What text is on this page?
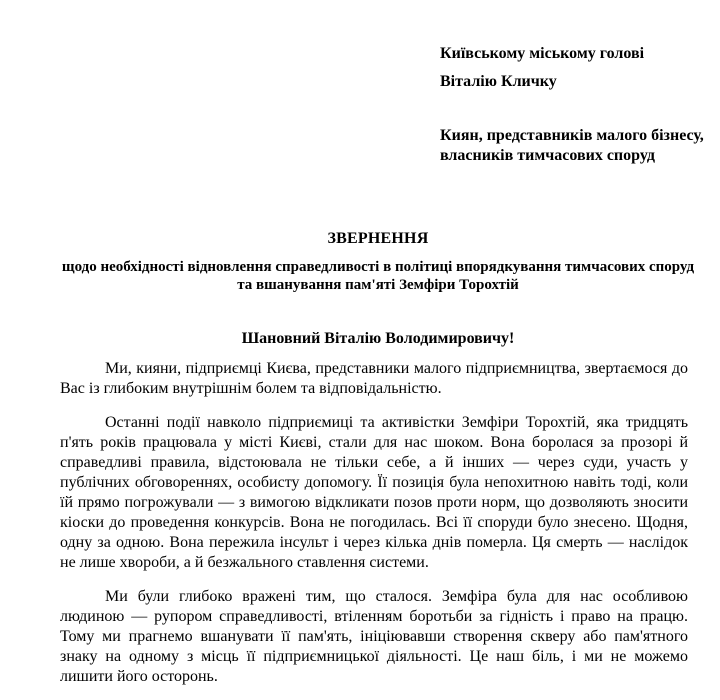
Київському міському голові

Віталію Кличку

Киян, представників малого бізнесу, власників тимчасових споруд

ЗВЕРНЕННЯ
щодо необхідності відновлення справедливості в політиці впорядкування тимчасових споруд та вшанування пам'яті Земфіри Торохтій
Шановний Віталію Володимировичу!

Ми, кияни, підприємці Києва, представники малого підприємництва, звертаємося до Вас із глибоким внутрішнім болем та відповідальністю.

Останні події навколо підприємиці та активістки Земфіри Торохтій, яка тридцять п'ять років працювала у місті Києві, стали для нас шоком. Вона боролася за прозорі й справедливі правила, відстоювала не тільки себе, а й інших — через суди, участь у публічних обговореннях, особисту допомогу. Її позиція була непохитною навіть тоді, коли їй прямо погрожували — з вимогою відкликати позов проти норм, що дозволяють зносити кіоски до проведення конкурсів. Вона не погодилась. Всі її споруди було знесено. Щодня, одну за одною. Вона пережила інсульт і через кілька днів померла. Ця смерть — наслідок не лише хвороби, а й безжального ставлення системи.

Ми були глибоко вражені тим, що сталося. Земфіра була для нас особливою людиною — рупором справедливості, втіленням боротьби за гідність і право на працю. Тому ми прагнемо вшанувати її пам'ять, ініціювавши створення скверу або пам'ятного знаку на одному з місць її підприємницької діяльності. Це наш біль, і ми не можемо лишити його осторонь.
